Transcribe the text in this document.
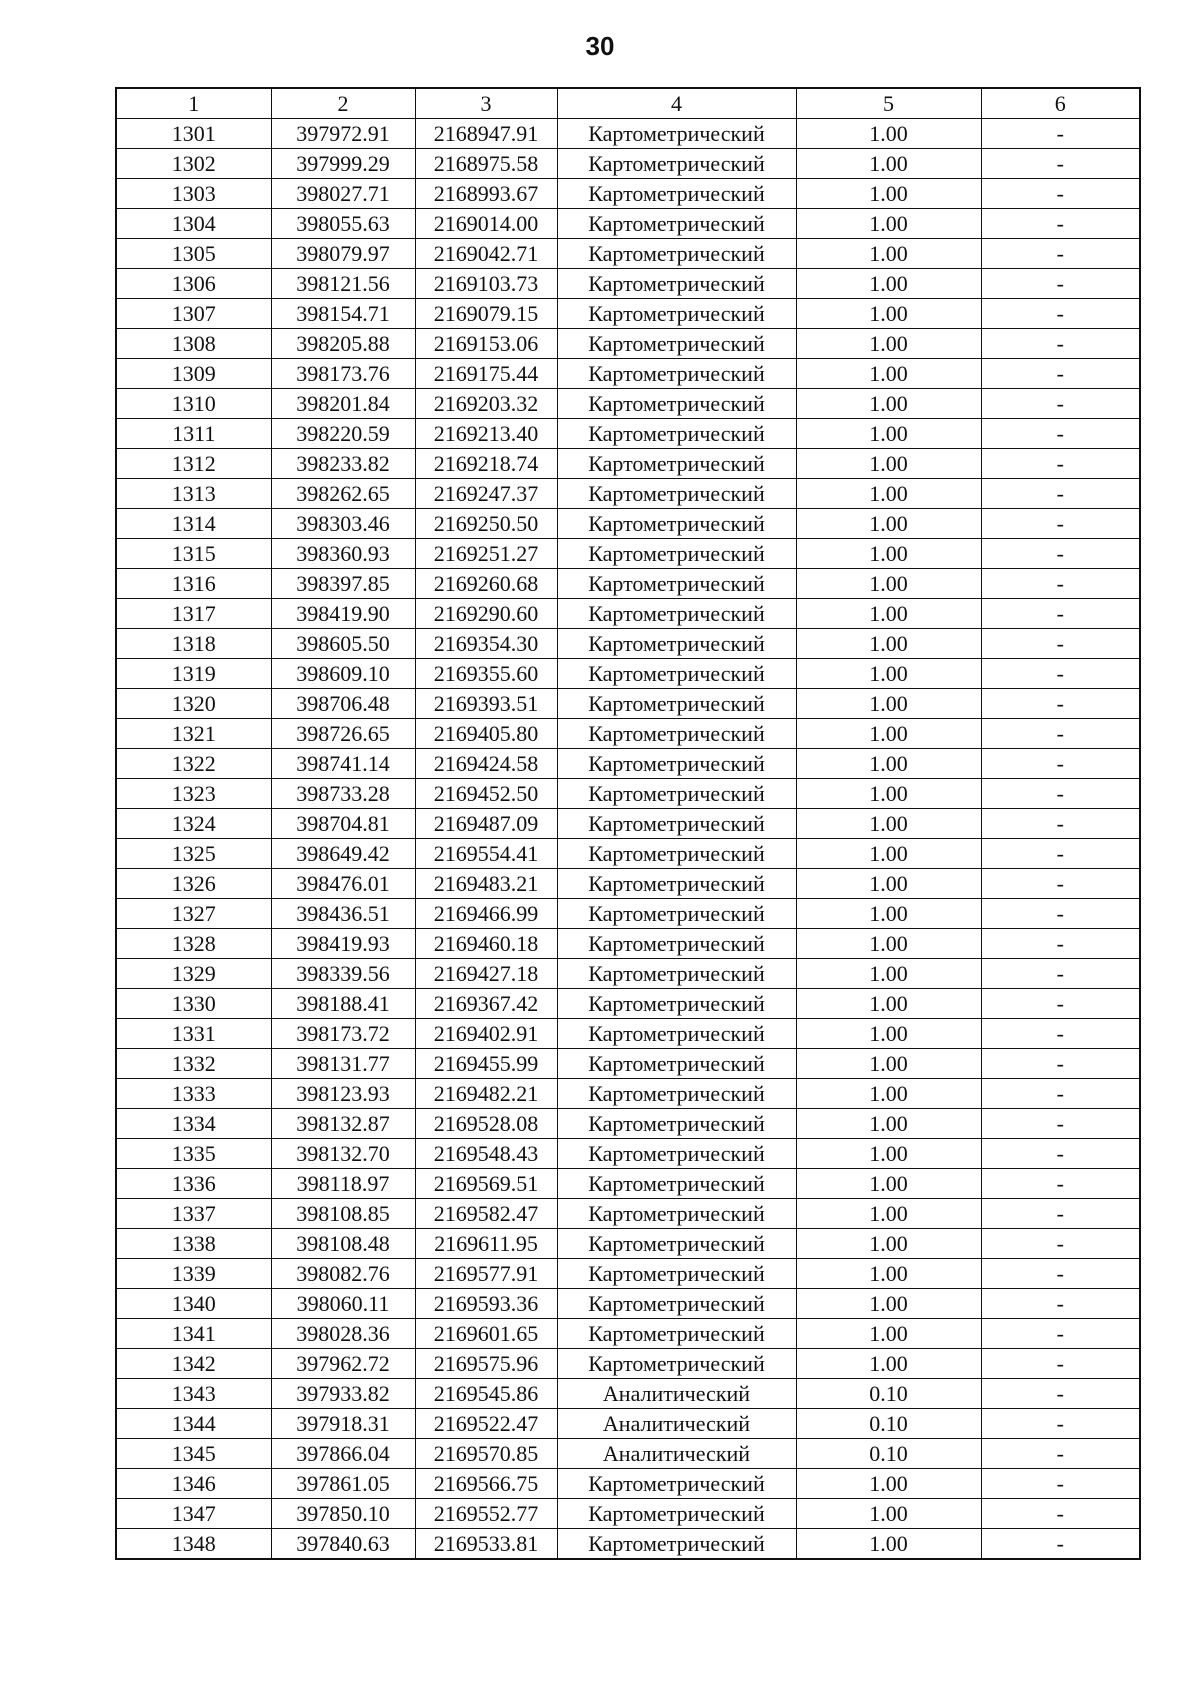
30
1	2	3	4	5	6
1301	397972.91	2168947.91	Картометрический	1.00	-
1302	397999.29	2168975.58	Картометрический	1.00	-
1303	398027.71	2168993.67	Картометрический	1.00	-
1304	398055.63	2169014.00	Картометрический	1.00	-
1305	398079.97	2169042.71	Картометрический	1.00	-
1306	398121.56	2169103.73	Картометрический	1.00	-
1307	398154.71	2169079.15	Картометрический	1.00	-
1308	398205.88	2169153.06	Картометрический	1.00	-
1309	398173.76	2169175.44	Картометрический	1.00	-
1310	398201.84	2169203.32	Картометрический	1.00	-
1311	398220.59	2169213.40	Картометрический	1.00	-
1312	398233.82	2169218.74	Картометрический	1.00	-
1313	398262.65	2169247.37	Картометрический	1.00	-
1314	398303.46	2169250.50	Картометрический	1.00	-
1315	398360.93	2169251.27	Картометрический	1.00	-
1316	398397.85	2169260.68	Картометрический	1.00	-
1317	398419.90	2169290.60	Картометрический	1.00	-
1318	398605.50	2169354.30	Картометрический	1.00	-
1319	398609.10	2169355.60	Картометрический	1.00	-
1320	398706.48	2169393.51	Картометрический	1.00	-
1321	398726.65	2169405.80	Картометрический	1.00	-
1322	398741.14	2169424.58	Картометрический	1.00	-
1323	398733.28	2169452.50	Картометрический	1.00	-
1324	398704.81	2169487.09	Картометрический	1.00	-
1325	398649.42	2169554.41	Картометрический	1.00	-
1326	398476.01	2169483.21	Картометрический	1.00	-
1327	398436.51	2169466.99	Картометрический	1.00	-
1328	398419.93	2169460.18	Картометрический	1.00	-
1329	398339.56	2169427.18	Картометрический	1.00	-
1330	398188.41	2169367.42	Картометрический	1.00	-
1331	398173.72	2169402.91	Картометрический	1.00	-
1332	398131.77	2169455.99	Картометрический	1.00	-
1333	398123.93	2169482.21	Картометрический	1.00	-
1334	398132.87	2169528.08	Картометрический	1.00	-
1335	398132.70	2169548.43	Картометрический	1.00	-
1336	398118.97	2169569.51	Картометрический	1.00	-
1337	398108.85	2169582.47	Картометрический	1.00	-
1338	398108.48	2169611.95	Картометрический	1.00	-
1339	398082.76	2169577.91	Картометрический	1.00	-
1340	398060.11	2169593.36	Картометрический	1.00	-
1341	398028.36	2169601.65	Картометрический	1.00	-
1342	397962.72	2169575.96	Картометрический	1.00	-
1343	397933.82	2169545.86	Аналитический	0.10	-
1344	397918.31	2169522.47	Аналитический	0.10	-
1345	397866.04	2169570.85	Аналитический	0.10	-
1346	397861.05	2169566.75	Картометрический	1.00	-
1347	397850.10	2169552.77	Картометрический	1.00	-
1348	397840.63	2169533.81	Картометрический	1.00	-
